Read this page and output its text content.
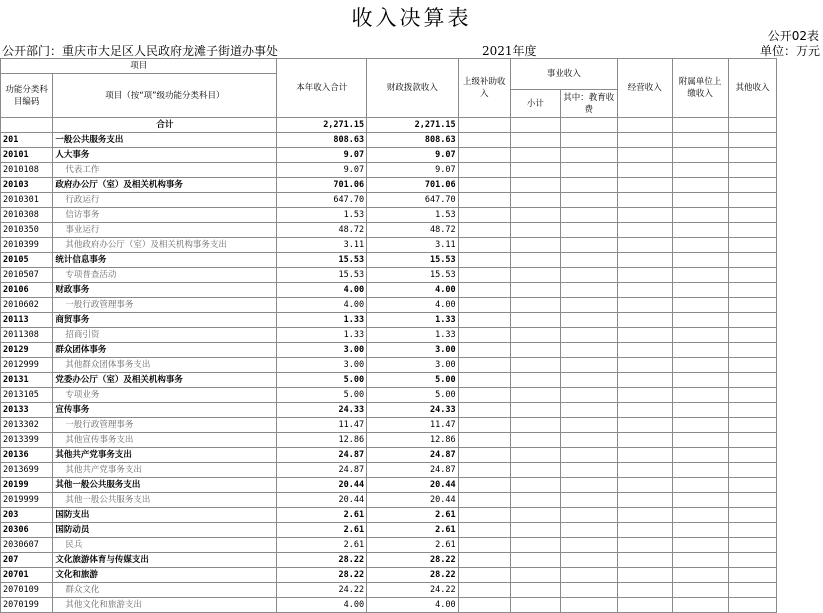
收入决算表
公开02表
公开部门：重庆市大足区人民政府龙滩子街道办事处	2021年度	单位：万元
项目		本年收入合计	财政拨款收入	上级补助收入	事业收入		经营收入	附属单位上缴收入	其他收入
功能分类科目编码	项目（按“项”级功能分类科目）								
					小计	其中：教育收费			
	合计	2,271.15	2,271.15						
201	一般公共服务支出	808.63	808.63						
20101	人大事务	9.07	9.07						
2010108	代表工作	9.07	9.07						
20103	政府办公厅（室）及相关机构事务	701.06	701.06						
2010301	行政运行	647.70	647.70						
2010308	信访事务	1.53	1.53						
2010350	事业运行	48.72	48.72						
2010399	其他政府办公厅（室）及相关机构事务支出	3.11	3.11						
20105	统计信息事务	15.53	15.53						
2010507	专项普查活动	15.53	15.53						
20106	财政事务	4.00	4.00						
2010602	一般行政管理事务	4.00	4.00						
20113	商贸事务	1.33	1.33						
2011308	招商引资	1.33	1.33						
20129	群众团体事务	3.00	3.00						
2012999	其他群众团体事务支出	3.00	3.00						
20131	党委办公厅（室）及相关机构事务	5.00	5.00						
2013105	专项业务	5.00	5.00						
20133	宣传事务	24.33	24.33						
2013302	一般行政管理事务	11.47	11.47						
2013399	其他宣传事务支出	12.86	12.86						
20136	其他共产党事务支出	24.87	24.87						
2013699	其他共产党事务支出	24.87	24.87						
20199	其他一般公共服务支出	20.44	20.44						
2019999	其他一般公共服务支出	20.44	20.44						
203	国防支出	2.61	2.61						
20306	国防动员	2.61	2.61						
2030607	民兵	2.61	2.61						
207	文化旅游体育与传媒支出	28.22	28.22						
20701	文化和旅游	28.22	28.22						
2070109	群众文化	24.22	24.22						
2070199	其他文化和旅游支出	4.00	4.00						
